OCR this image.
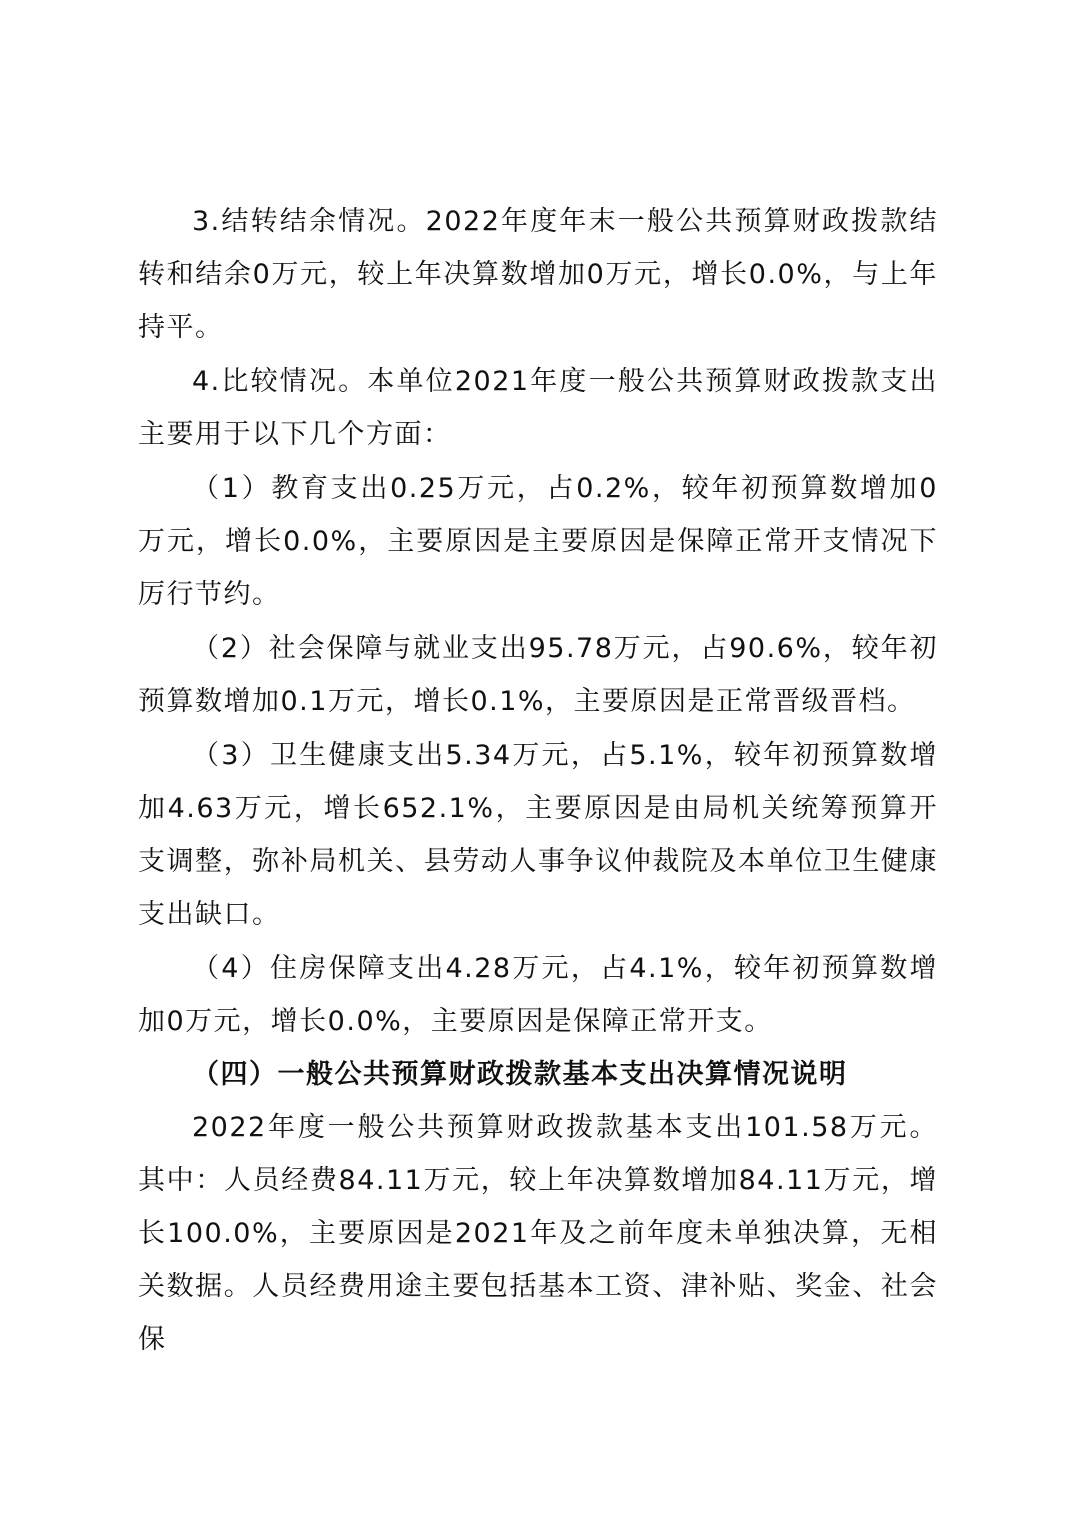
3.结转结余情况。2022年度年末一般公共预算财政拨款结转和结余0万元，较上年决算数增加0万元，增长0.0%，与上年持平。

4.比较情况。本单位2021年度一般公共预算财政拨款支出主要用于以下几个方面：

（1）教育支出0.25万元，占0.2%，较年初预算数增加0万元，增长0.0%，主要原因是主要原因是保障正常开支情况下厉行节约。

（2）社会保障与就业支出95.78万元，占90.6%，较年初预算数增加0.1万元，增长0.1%，主要原因是正常晋级晋档。

（3）卫生健康支出5.34万元，占5.1%，较年初预算数增加4.63万元，增长652.1%，主要原因是由局机关统筹预算开支调整，弥补局机关、县劳动人事争议仲裁院及本单位卫生健康支出缺口。

（4）住房保障支出4.28万元，占4.1%，较年初预算数增加0万元，增长0.0%，主要原因是保障正常开支。

（四）一般公共预算财政拨款基本支出决算情况说明

2022年度一般公共预算财政拨款基本支出101.58万元。其中：人员经费84.11万元，较上年决算数增加84.11万元，增长100.0%，主要原因是2021年及之前年度未单独决算，无相关数据。人员经费用途主要包括基本工资、津补贴、奖金、社会保
